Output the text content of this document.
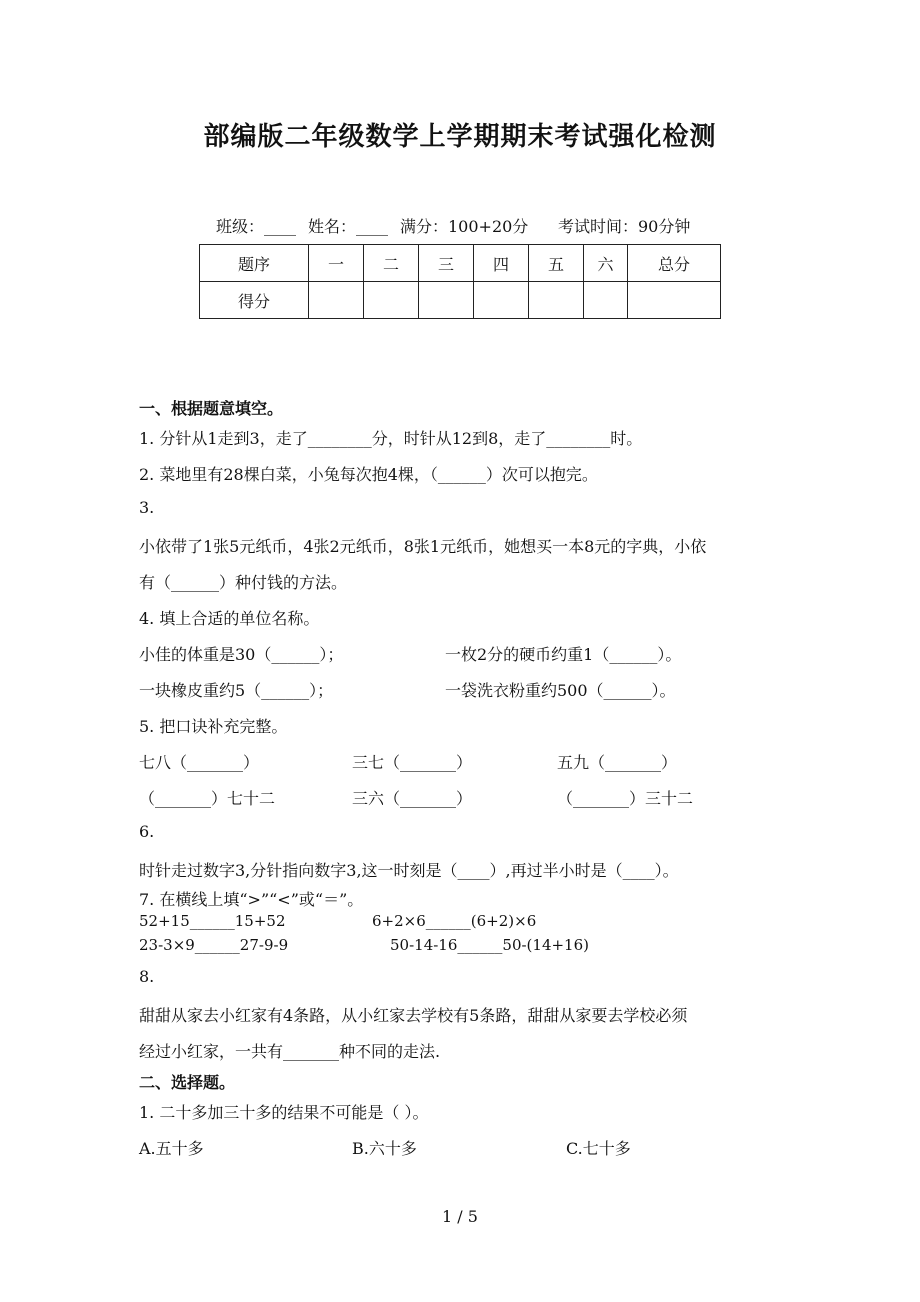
部编版二年级数学上学期期末考试强化检测
班级：____ 姓名：____ 满分：100+20分 考试时间：90分钟
题序	一	二	三	四	五	六	总分
得分							
一、根据题意填空。
1. 分针从1走到3，走了________分，时针从12到8，走了________时。
2. 菜地里有28棵白菜，小兔每次抱4棵，（______）次可以抱完。
3.
小依带了1张5元纸币，4张2元纸币，8张1元纸币，她想买一本8元的字典，小依
有（______）种付钱的方法。
4. 填上合适的单位名称。
小佳的体重是30（______）；	一枚2分的硬币约重1（______）。
一块橡皮重约5（______）；	一袋洗衣粉重约500（______）。
5. 把口诀补充完整。
七八（_______）	三七（_______）	五九（_______）
（_______）七十二	三六（_______）	（_______）三十二
6.
时针走过数字3,分针指向数字3,这一时刻是（____）,再过半小时是（____）。
7. 在横线上填“>”“<”或“＝”。
52+15______15+52	6+2×6______(6+2)×6
23-3×9______27-9-9	50-14-16______50-(14+16)
8.
甜甜从家去小红家有4条路，从小红家去学校有5条路，甜甜从家要去学校必须
经过小红家，一共有_______种不同的走法.
二、选择题。
1. 二十多加三十多的结果不可能是（ ）。
A.五十多	B.六十多	C.七十多
1 / 5
